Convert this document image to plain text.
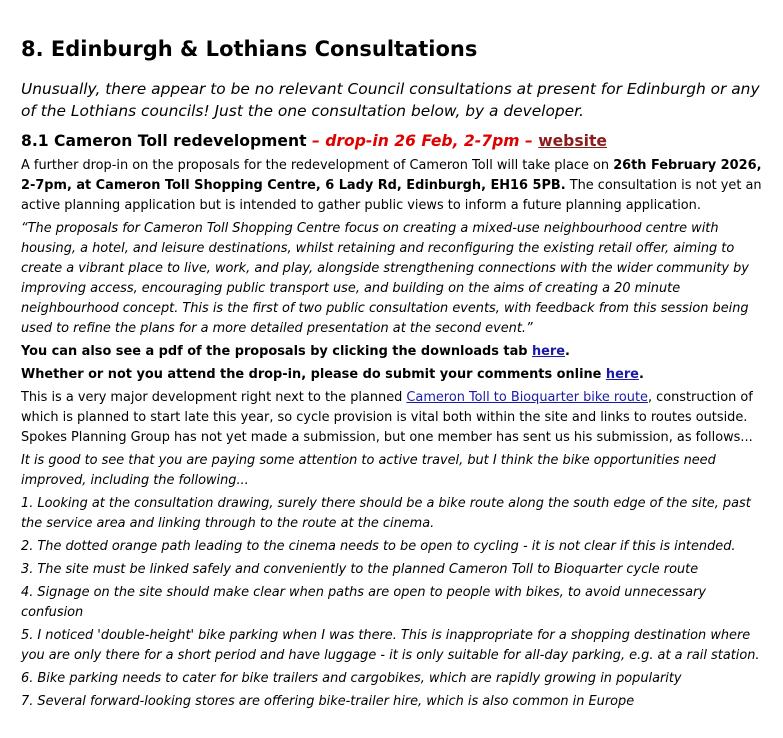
8. Edinburgh & Lothians Consultations

Unusually, there appear to be no relevant Council consultations at present for Edinburgh or any of the Lothians councils! Just the one consultation below, by a developer.

8.1 Cameron Toll redevelopment – drop-in 26 Feb, 2-7pm – website

A further drop-in on the proposals for the redevelopment of Cameron Toll will take place on 26th February 2026, 2-7pm, at Cameron Toll Shopping Centre, 6 Lady Rd, Edinburgh, EH16 5PB. The consultation is not yet an active planning application but is intended to gather public views to inform a future planning application.

“The proposals for Cameron Toll Shopping Centre focus on creating a mixed-use neighbourhood centre with housing, a hotel, and leisure destinations, whilst retaining and reconfiguring the existing retail offer, aiming to create a vibrant place to live, work, and play, alongside strengthening connections with the wider community by improving access, encouraging public transport use, and building on the aims of creating a 20 minute neighbourhood concept. This is the first of two public consultation events, with feedback from this session being used to refine the plans for a more detailed presentation at the second event.”

You can also see a pdf of the proposals by clicking the downloads tab here.

Whether or not you attend the drop-in, please do submit your comments online here.

This is a very major development right next to the planned Cameron Toll to Bioquarter bike route, construction of which is planned to start late this year, so cycle provision is vital both within the site and links to routes outside.

Spokes Planning Group has not yet made a submission, but one member has sent us his submission, as follows...

It is good to see that you are paying some attention to active travel, but I think the bike opportunities need improved, including the following...

1. Looking at the consultation drawing, surely there should be a bike route along the south edge of the site, past the service area and linking through to the route at the cinema.

2. The dotted orange path leading to the cinema needs to be open to cycling - it is not clear if this is intended.

3. The site must be linked safely and conveniently to the planned Cameron Toll to Bioquarter cycle route

4. Signage on the site should make clear when paths are open to people with bikes, to avoid unnecessary confusion

5. I noticed 'double-height' bike parking when I was there. This is inappropriate for a shopping destination where you are only there for a short period and have luggage - it is only suitable for all-day parking, e.g. at a rail station.

6. Bike parking needs to cater for bike trailers and cargobikes, which are rapidly growing in popularity

7. Several forward-looking stores are offering bike-trailer hire, which is also common in Europe
